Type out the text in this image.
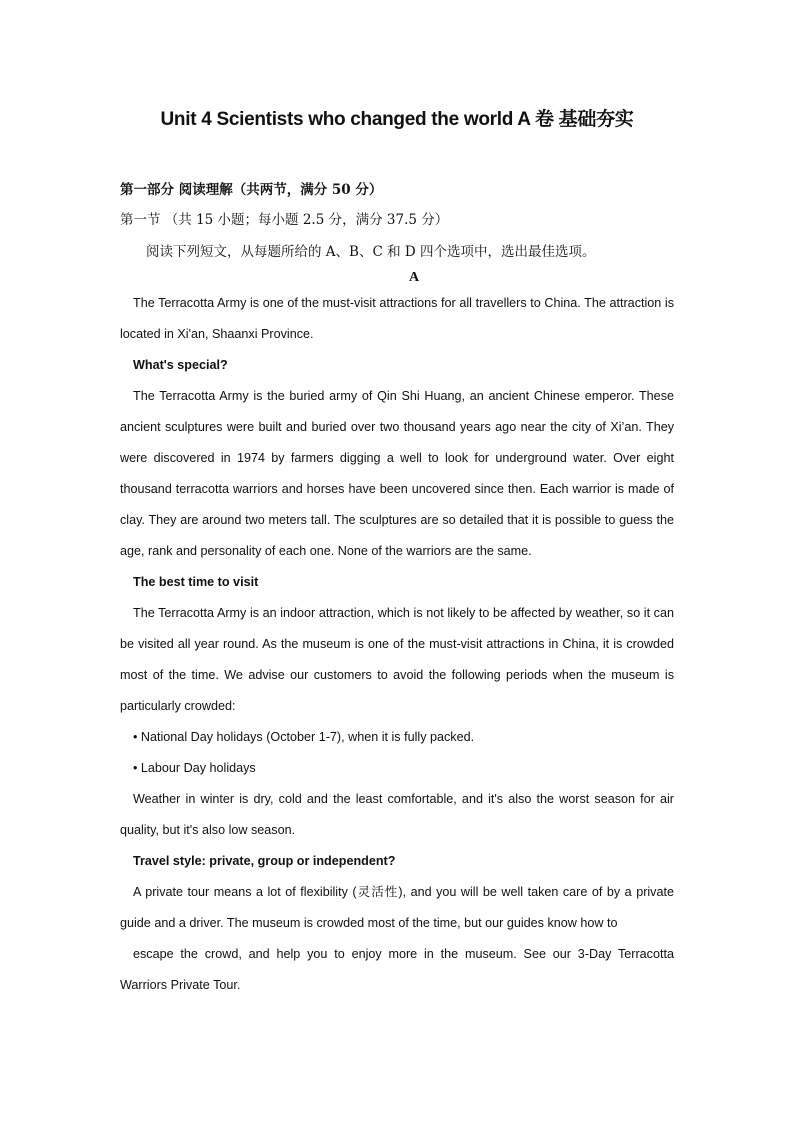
Unit 4 Scientists who changed the world A 卷 基础夯实
第一部分 阅读理解（共两节，满分 50 分）
第一节 （共 15 小题；每小题 2.5 分，满分 37.5 分）
阅读下列短文，从每题所给的 A、B、C 和 D 四个选项中，选出最佳选项。
A

The Terracotta Army is one of the must-visit attractions for all travellers to China. The attraction is located in Xi'an, Shaanxi Province.

What's special?

The Terracotta Army is the buried army of Qin Shi Huang, an ancient Chinese emperor. These ancient sculptures were built and buried over two thousand years ago near the city of Xi’an. They were discovered in 1974 by farmers digging a well to look for underground water. Over eight thousand terracotta warriors and horses have been uncovered since then. Each warrior is made of clay. They are around two meters tall. The sculptures are so detailed that it is possible to guess the age, rank and personality of each one. None of the warriors are the same.

The best time to visit

The Terracotta Army is an indoor attraction, which is not likely to be affected by weather, so it can be visited all year round. As the museum is one of the must-visit attractions in China, it is crowded most of the time. We advise our customers to avoid the following periods when the museum is particularly crowded:

• National Day holidays (October 1-7), when it is fully packed.

• Labour Day holidays

Weather in winter is dry, cold and the least comfortable, and it's also the worst season for air quality, but it's also low season.

Travel style: private, group or independent?

A private tour means a lot of flexibility (灵活性), and you will be well taken care of by a private guide and a driver. The museum is crowded most of the time, but our guides know how to

escape the crowd, and help you to enjoy more in the museum. See our 3-Day Terracotta Warriors Private Tour.
